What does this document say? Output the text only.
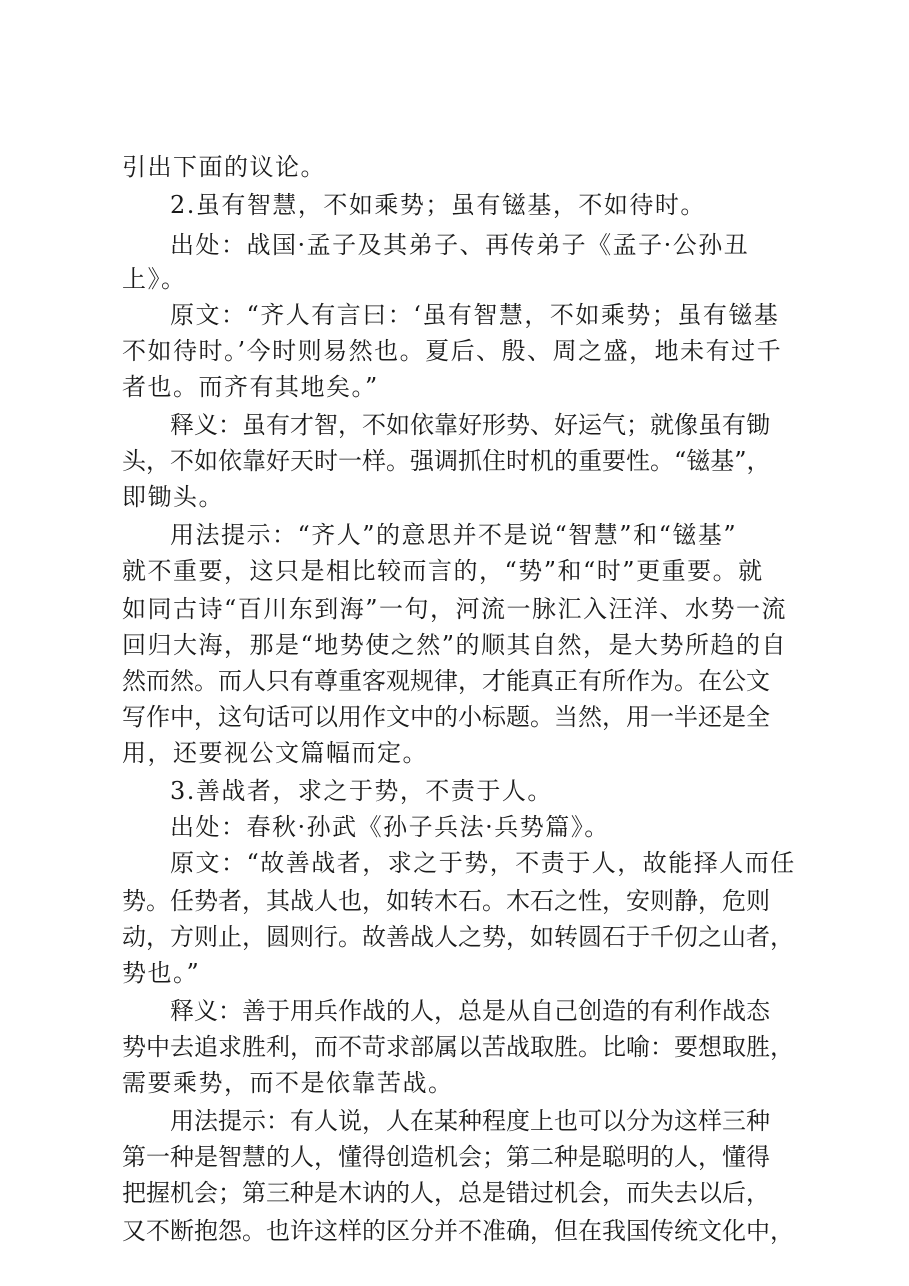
引出下面的议论。
2.虽有智慧，不如乘势；虽有镃基，不如待时。
出处：战国·孟子及其弟子、再传弟子《孟子·公孙丑
上》。
原文：“齐人有言曰：‘虽有智慧，不如乘势；虽有镃基
不如待时。’今时则易然也。夏后、殷、周之盛，地未有过千
者也。而齐有其地矣。”
释义：虽有才智，不如依靠好形势、好运气；就像虽有锄
头，不如依靠好天时一样。强调抓住时机的重要性。“镃基”，
即锄头。
用法提示：“齐人”的意思并不是说“智慧”和“镃基”
就不重要，这只是相比较而言的，“势”和“时”更重要。就
如同古诗“百川东到海”一句，河流一脉汇入汪洋、水势一流
回归大海，那是“地势使之然”的顺其自然，是大势所趋的自
然而然。而人只有尊重客观规律，才能真正有所作为。在公文
写作中，这句话可以用作文中的小标题。当然，用一半还是全
用，还要视公文篇幅而定。
3.善战者，求之于势，不责于人。
出处：春秋·孙武《孙子兵法·兵势篇》。
原文：“故善战者，求之于势，不责于人，故能择人而任
势。任势者，其战人也，如转木石。木石之性，安则静，危则
动，方则止，圆则行。故善战人之势，如转圆石于千仞之山者，
势也。”
释义：善于用兵作战的人，总是从自己创造的有利作战态
势中去追求胜利，而不苛求部属以苦战取胜。比喻：要想取胜，
需要乘势，而不是依靠苦战。
用法提示：有人说，人在某种程度上也可以分为这样三种
第一种是智慧的人，懂得创造机会；第二种是聪明的人，懂得
把握机会；第三种是木讷的人，总是错过机会，而失去以后，
又不断抱怨。也许这样的区分并不准确，但在我国传统文化中，
